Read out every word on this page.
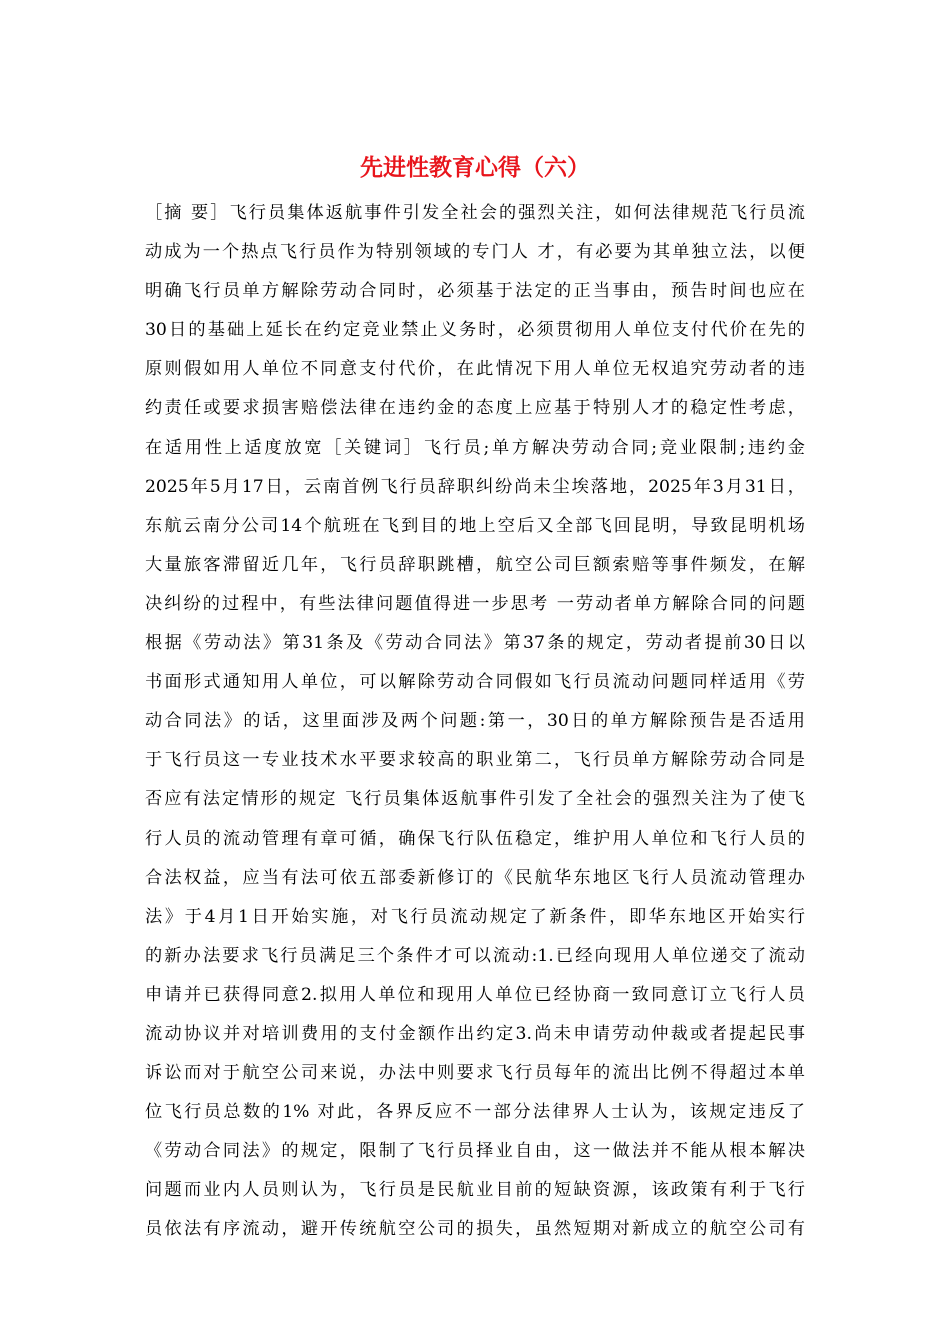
先进性教育心得（六）
［摘 要］飞行员集体返航事件引发全社会的强烈关注，如何法律规范飞行员流
动成为一个热点飞行员作为特别领域的专门人 才，有必要为其单独立法，以便
明确飞行员单方解除劳动合同时，必须基于法定的正当事由，预告时间也应在
30日的基础上延长在约定竞业禁止义务时，必须贯彻用人单位支付代价在先的
原则假如用人单位不同意支付代价，在此情况下用人单位无权追究劳动者的违
约责任或要求损害赔偿法律在违约金的态度上应基于特别人才的稳定性考虑，
在适用性上适度放宽［关键词］飞行员;单方解决劳动合同;竞业限制;违约金
2025年5月17日，云南首例飞行员辞职纠纷尚未尘埃落地，2025年3月31日，
东航云南分公司14个航班在飞到目的地上空后又全部飞回昆明，导致昆明机场
大量旅客滞留近几年，飞行员辞职跳槽，航空公司巨额索赔等事件频发，在解
决纠纷的过程中，有些法律问题值得进一步思考 一劳动者单方解除合同的问题
根据《劳动法》第31条及《劳动合同法》第37条的规定，劳动者提前30日以
书面形式通知用人单位，可以解除劳动合同假如飞行员流动问题同样适用《劳
动合同法》的话，这里面涉及两个问题:第一，30日的单方解除预告是否适用
于飞行员这一专业技术水平要求较高的职业第二，飞行员单方解除劳动合同是
否应有法定情形的规定 飞行员集体返航事件引发了全社会的强烈关注为了使飞
行人员的流动管理有章可循，确保飞行队伍稳定，维护用人单位和飞行人员的
合法权益，应当有法可依五部委新修订的《民航华东地区飞行人员流动管理办
法》于4月1日开始实施，对飞行员流动规定了新条件，即华东地区开始实行
的新办法要求飞行员满足三个条件才可以流动:1.已经向现用人单位递交了流动
申请并已获得同意2.拟用人单位和现用人单位已经协商一致同意订立飞行人员
流动协议并对培训费用的支付金额作出约定3.尚未申请劳动仲裁或者提起民事
诉讼而对于航空公司来说，办法中则要求飞行员每年的流出比例不得超过本单
位飞行员总数的1% 对此，各界反应不一部分法律界人士认为，该规定违反了
《劳动合同法》的规定，限制了飞行员择业自由，这一做法并不能从根本解决
问题而业内人员则认为，飞行员是民航业目前的短缺资源，该政策有利于飞行
员依法有序流动，避开传统航空公司的损失，虽然短期对新成立的航空公司有
